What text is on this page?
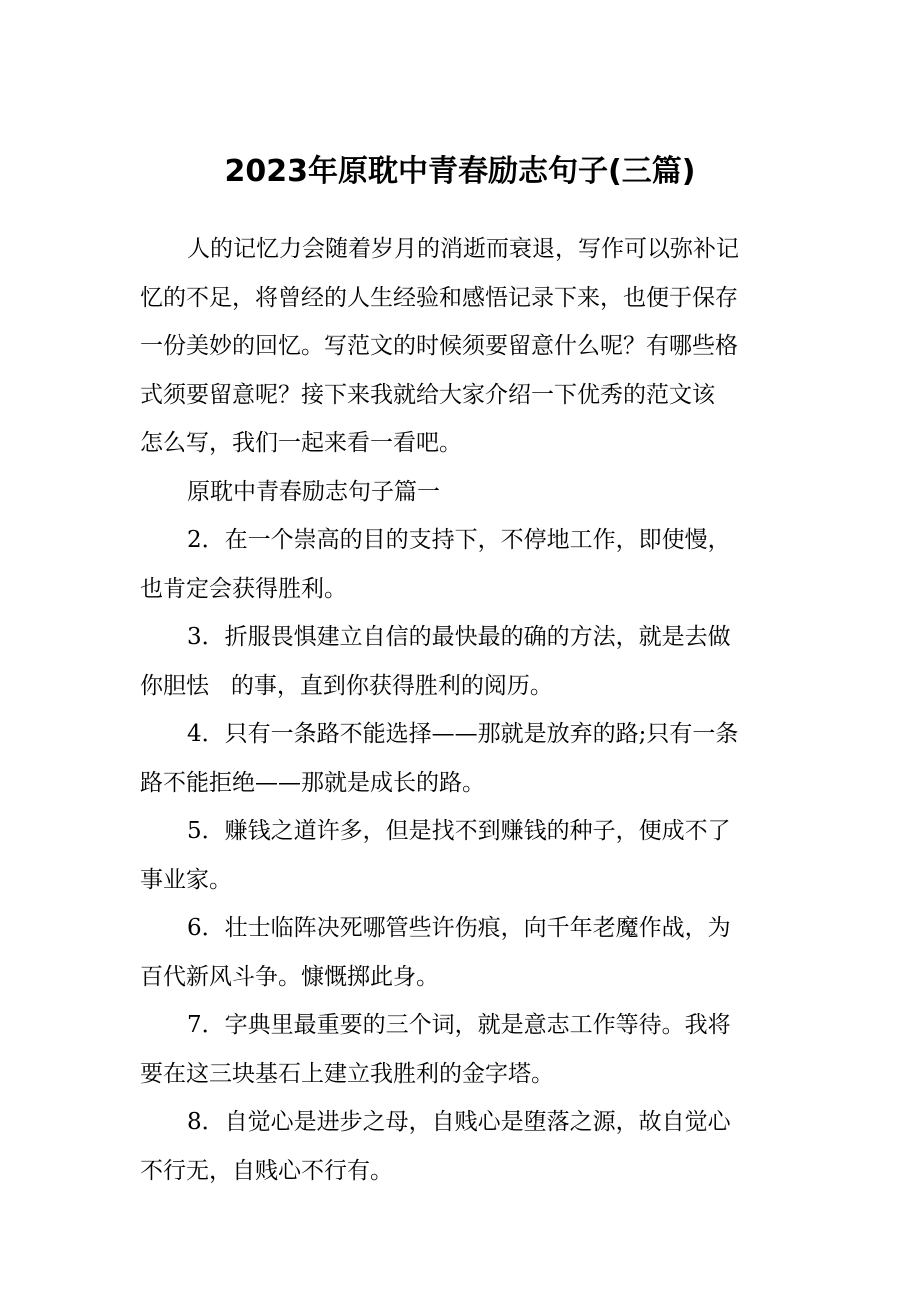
2023年原耽中青春励志句子(三篇)
人的记忆力会随着岁月的消逝而衰退，写作可以弥补记
忆的不足，将曾经的人生经验和感悟记录下来，也便于保存
一份美妙的回忆。写范文的时候须要留意什么呢？有哪些格
式须要留意呢？接下来我就给大家介绍一下优秀的范文该
怎么写，我们一起来看一看吧。
原耽中青春励志句子篇一
2．在一个崇高的目的支持下，不停地工作，即使慢，
也肯定会获得胜利。
3．折服畏惧建立自信的最快最的确的方法，就是去做
你胆怯   的事，直到你获得胜利的阅历。
4．只有一条路不能选择——那就是放弃的路;只有一条
路不能拒绝——那就是成长的路。
5．赚钱之道许多，但是找不到赚钱的种子，便成不了
事业家。
6．壮士临阵决死哪管些许伤痕，向千年老魔作战，为
百代新风斗争。慷慨掷此身。
7．字典里最重要的三个词，就是意志工作等待。我将
要在这三块基石上建立我胜利的金字塔。
8．自觉心是进步之母，自贱心是堕落之源，故自觉心
不行无，自贱心不行有。
